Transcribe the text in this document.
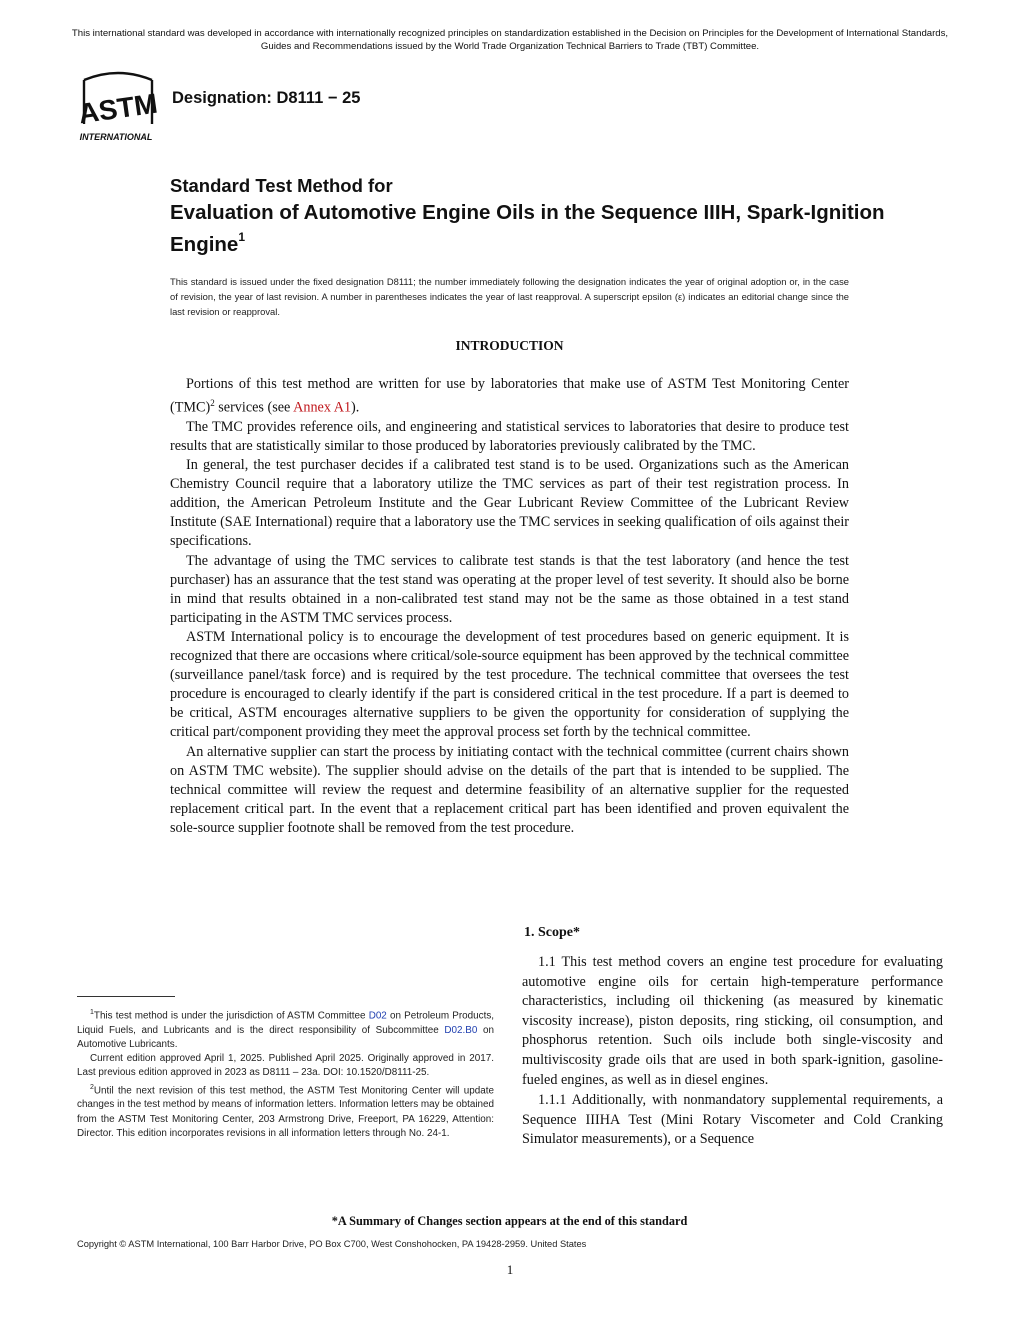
This international standard was developed in accordance with internationally recognized principles on standardization established in the Decision on Principles for the Development of International Standards, Guides and Recommendations issued by the World Trade Organization Technical Barriers to Trade (TBT) Committee.
ASTM
INTERNATIONAL
Designation: D8111 − 25
Standard Test Method for
Evaluation of Automotive Engine Oils in the Sequence IIIH, Spark-Ignition Engine$^1$
This standard is issued under the fixed designation D8111; the number immediately following the designation indicates the year of original adoption or, in the case of revision, the year of last revision. A number in parentheses indicates the year of last reapproval. A superscript epsilon (ε) indicates an editorial change since the last revision or reapproval.
INTRODUCTION

Portions of this test method are written for use by laboratories that make use of ASTM Test Monitoring Center (TMC)$^2$ services (see Annex A1).

The TMC provides reference oils, and engineering and statistical services to laboratories that desire to produce test results that are statistically similar to those produced by laboratories previously calibrated by the TMC.

In general, the test purchaser decides if a calibrated test stand is to be used. Organizations such as the American Chemistry Council require that a laboratory utilize the TMC services as part of their test registration process. In addition, the American Petroleum Institute and the Gear Lubricant Review Committee of the Lubricant Review Institute (SAE International) require that a laboratory use the TMC services in seeking qualification of oils against their specifications.

The advantage of using the TMC services to calibrate test stands is that the test laboratory (and hence the test purchaser) has an assurance that the test stand was operating at the proper level of test severity. It should also be borne in mind that results obtained in a non-calibrated test stand may not be the same as those obtained in a test stand participating in the ASTM TMC services process.

ASTM International policy is to encourage the development of test procedures based on generic equipment. It is recognized that there are occasions where critical/sole-source equipment has been approved by the technical committee (surveillance panel/task force) and is required by the test procedure. The technical committee that oversees the test procedure is encouraged to clearly identify if the part is considered critical in the test procedure. If a part is deemed to be critical, ASTM encourages alternative suppliers to be given the opportunity for consideration of supplying the critical part/component providing they meet the approval process set forth by the technical committee.

An alternative supplier can start the process by initiating contact with the technical committee (current chairs shown on ASTM TMC website). The supplier should advise on the details of the part that is intended to be supplied. The technical committee will review the request and determine feasibility of an alternative supplier for the requested replacement critical part. In the event that a replacement critical part has been identified and proven equivalent the sole-source supplier footnote shall be removed from the test procedure.

1. Scope*

1.1 This test method covers an engine test procedure for evaluating automotive engine oils for certain high-temperature performance characteristics, including oil thickening (as measured by kinematic viscosity increase), piston deposits, ring sticking, oil consumption, and phosphorus retention. Such oils include both single-viscosity and multiviscosity grade oils that are used in both spark-ignition, gasoline-fueled engines, as well as in diesel engines.

1.1.1 Additionally, with nonmandatory supplemental requirements, a Sequence IIIHA Test (Mini Rotary Viscometer and Cold Cranking Simulator measurements), or a Sequence

$^1$This test method is under the jurisdiction of ASTM Committee D02 on Petroleum Products, Liquid Fuels, and Lubricants and is the direct responsibility of Subcommittee D02.B0 on Automotive Lubricants.

Current edition approved April 1, 2025. Published April 2025. Originally approved in 2017. Last previous edition approved in 2023 as D8111 – 23a. DOI: 10.1520/D8111-25.

$^2$Until the next revision of this test method, the ASTM Test Monitoring Center will update changes in the test method by means of information letters. Information letters may be obtained from the ASTM Test Monitoring Center, 203 Armstrong Drive, Freeport, PA 16229, Attention: Director. This edition incorporates revisions in all information letters through No. 24-1.

*A Summary of Changes section appears at the end of this standard
Copyright © ASTM International, 100 Barr Harbor Drive, PO Box C700, West Conshohocken, PA 19428-2959. United States
1
